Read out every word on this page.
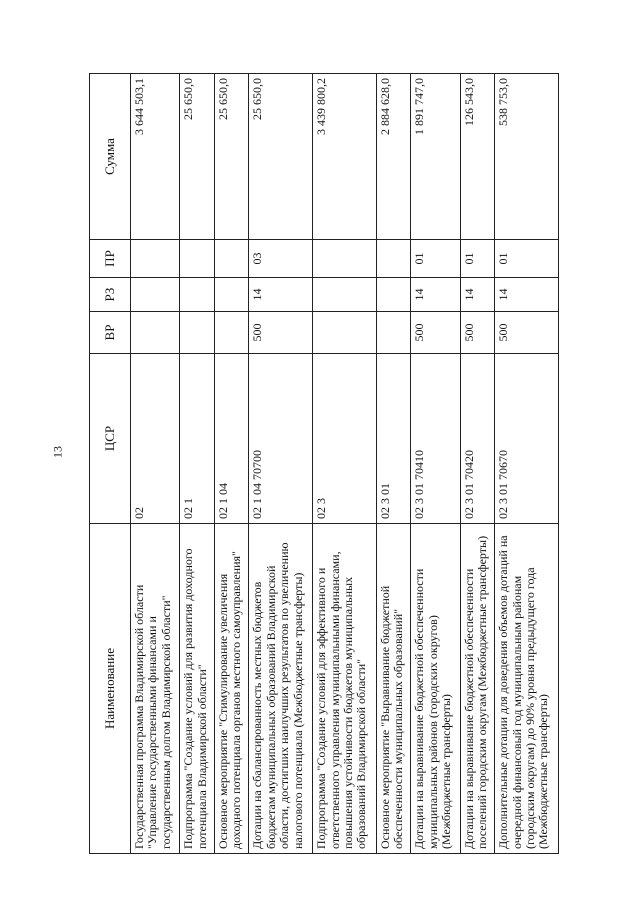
13
Наименование	ЦСР	ВР	РЗ	ПР	Сумма
Государственная программа Владимирской области "Управление государственными финансами и государственным долгом Владимирской области"	02				3 644 503,1
Подпрограмма "Создание условий для развития доходного потенциала Владимирской области"	02 1				25 650,0
Основное мероприятие "Стимулирование увеличения доходного потенциала органов местного самоуправления"	02 1 04				25 650,0
Дотации на сбалансированность местных бюджетов бюджетам муниципальных образований Владимирской области, достигших наилучших результатов по увеличению налогового потенциала (Межбюджетные трансферты)	02 1 04 70700	500	14	03	25 650,0
Подпрограмма "Создание условий для эффективного и ответственного управления муниципальными финансами, повышения устойчивости бюджетов муниципальных образований Владимирской области"	02 3				3 439 800,2
Основное мероприятие "Выравнивание бюджетной обеспеченности муниципальных образований"	02 3 01				2 884 628,0
Дотации на выравнивание бюджетной обеспеченности муниципальных районов (городских округов) (Межбюджетные трансферты)	02 3 01 70410	500	14	01	1 891 747,0
Дотации на выравнивание бюджетной обеспеченности поселений городским округам (Межбюджетные трансферты)	02 3 01 70420	500	14	01	126 543,0
Дополнительные дотации для доведения объемов дотаций на очередной финансовый год муниципальным районам (городским округам) до 90% уровня предыдущего года (Межбюджетные трансферты)	02 3 01 70670	500	14	01	538 753,0
